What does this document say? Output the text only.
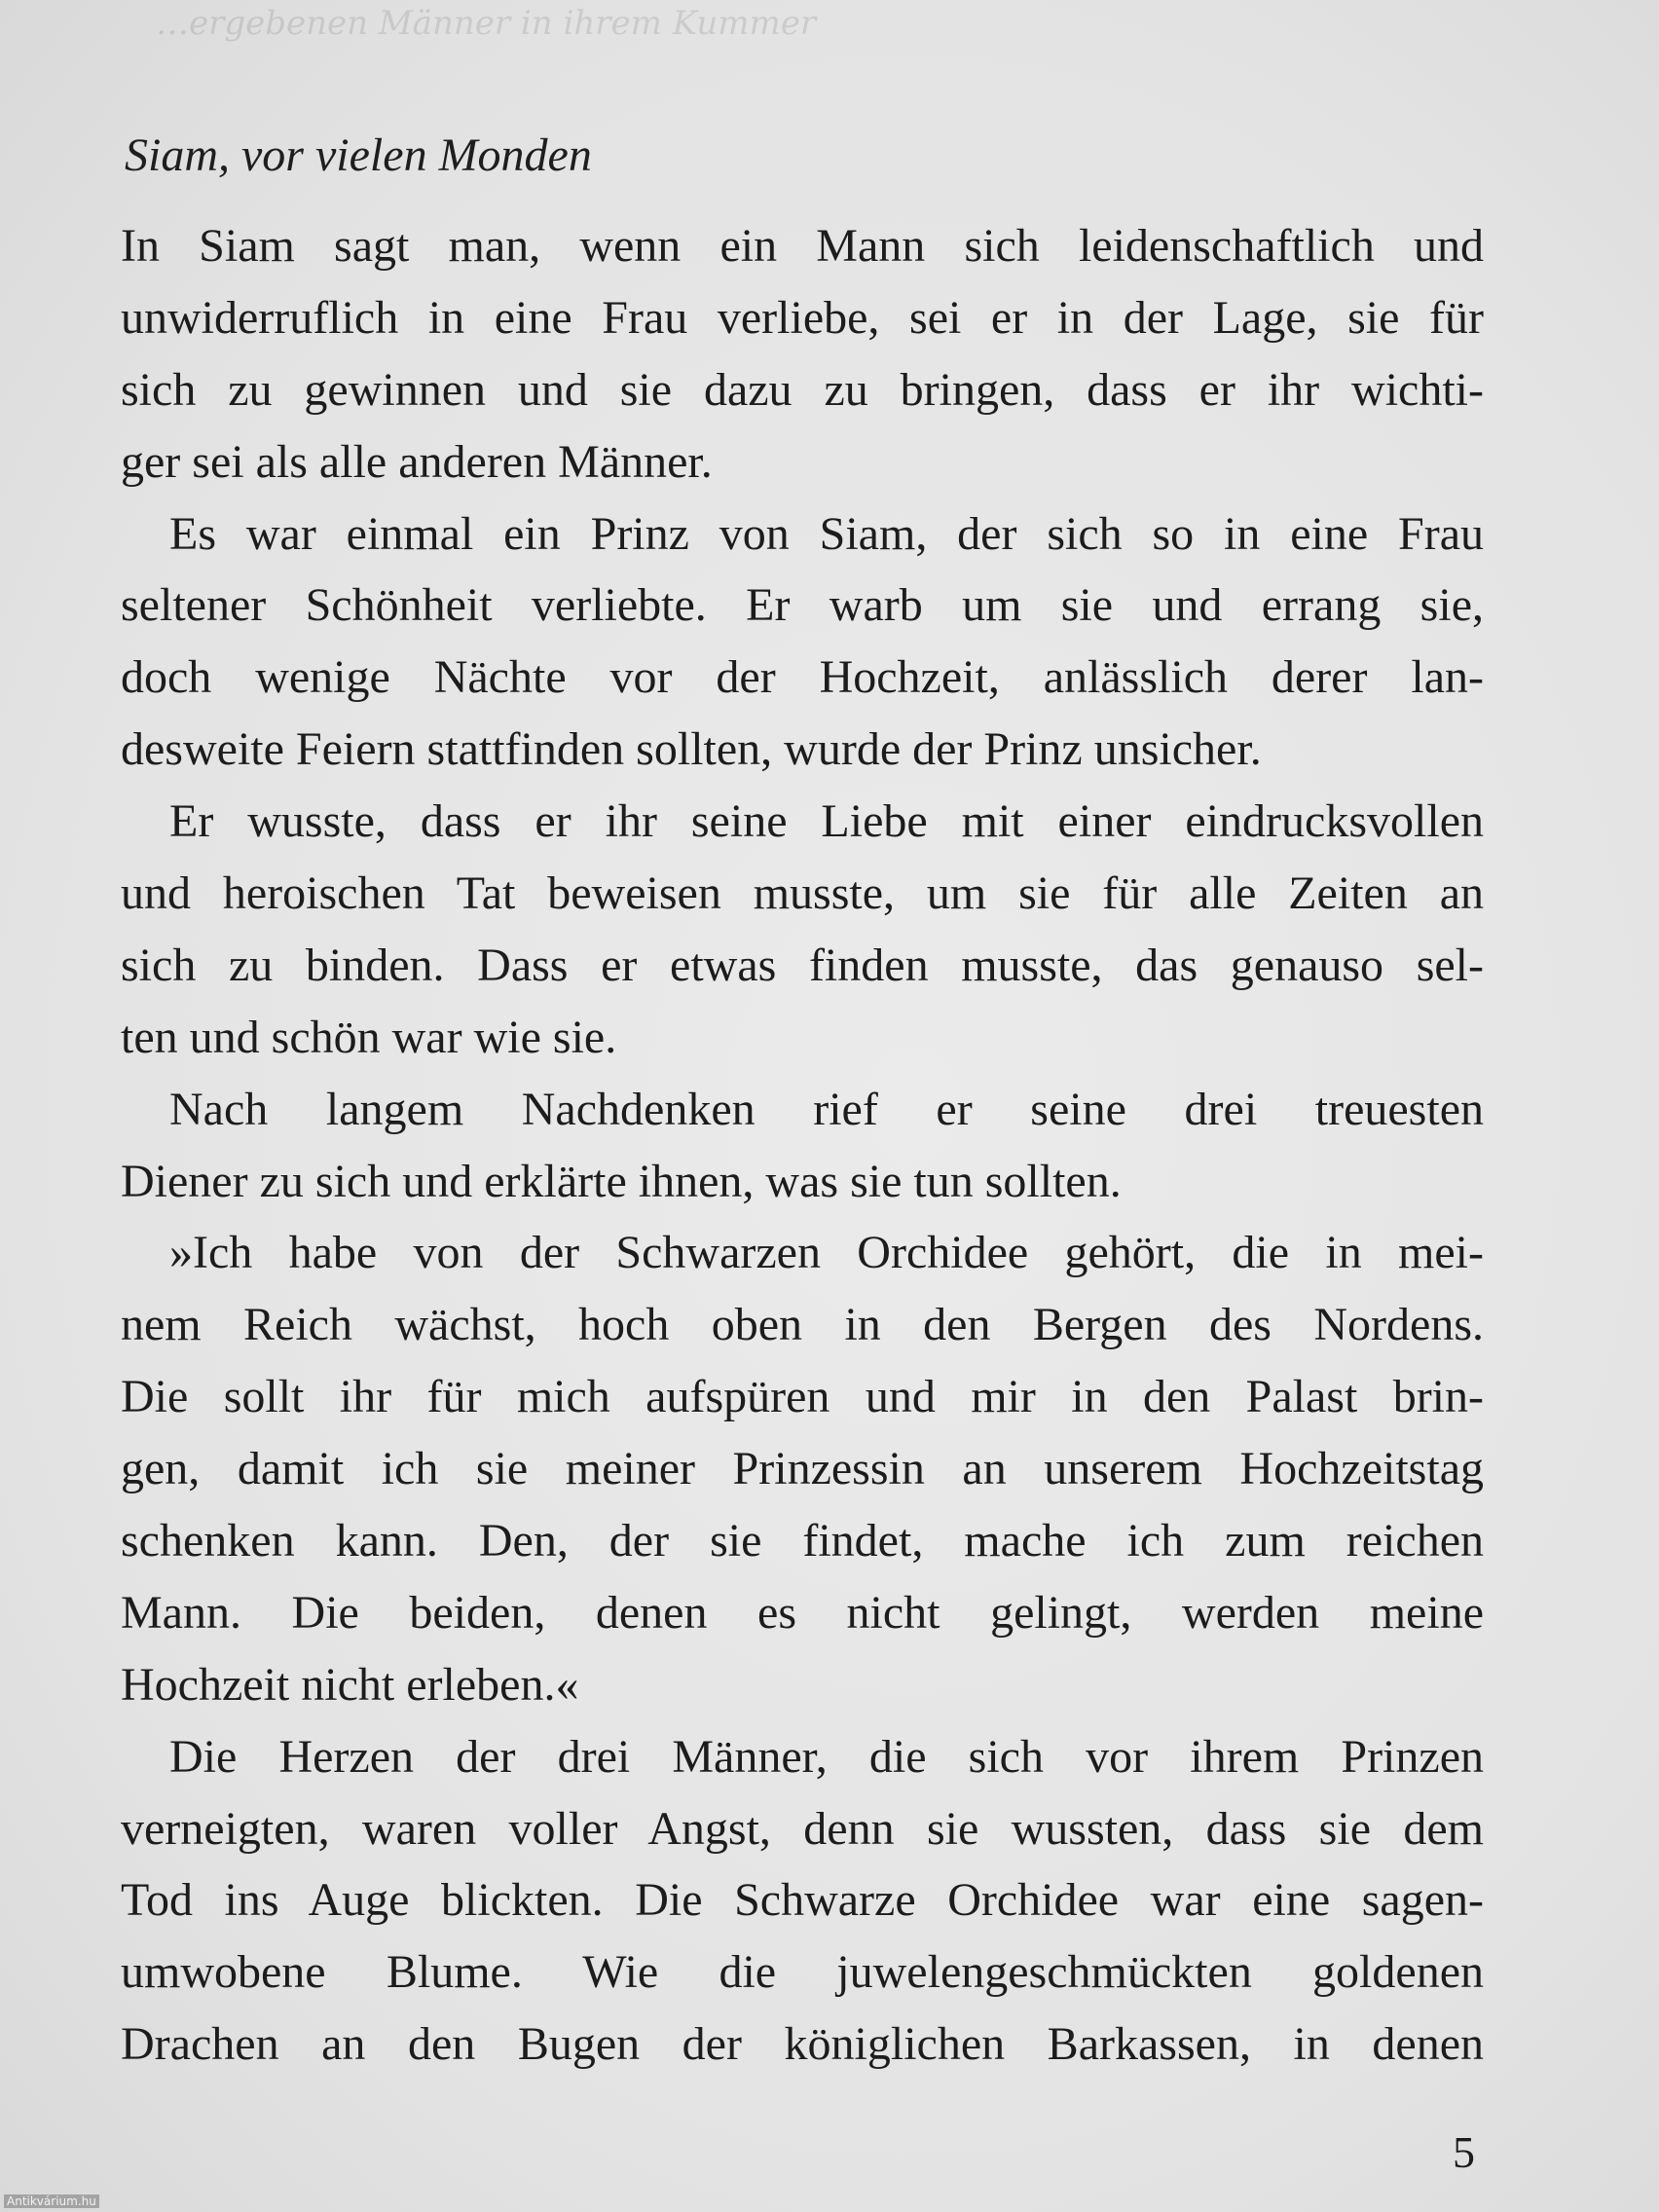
…ergebenen Männer in ihrem Kummer
Siam, vor vielen Monden
In Siam sagt man, wenn ein Mann sich leidenschaftlich und
unwiderruflich in eine Frau verliebe, sei er in der Lage, sie für
sich zu gewinnen und sie dazu zu bringen, dass er ihr wichti-
ger sei als alle anderen Männer.
Es war einmal ein Prinz von Siam, der sich so in eine Frau
seltener Schönheit verliebte. Er warb um sie und errang sie,
doch wenige Nächte vor der Hochzeit, anlässlich derer lan-
desweite Feiern stattfinden sollten, wurde der Prinz unsicher.
Er wusste, dass er ihr seine Liebe mit einer eindrucksvollen
und heroischen Tat beweisen musste, um sie für alle Zeiten an
sich zu binden. Dass er etwas finden musste, das genauso sel-
ten und schön war wie sie.
Nach langem Nachdenken rief er seine drei treuesten
Diener zu sich und erklärte ihnen, was sie tun sollten.
»Ich habe von der Schwarzen Orchidee gehört, die in mei-
nem Reich wächst, hoch oben in den Bergen des Nordens.
Die sollt ihr für mich aufspüren und mir in den Palast brin-
gen, damit ich sie meiner Prinzessin an unserem Hochzeitstag
schenken kann. Den, der sie findet, mache ich zum reichen
Mann. Die beiden, denen es nicht gelingt, werden meine
Hochzeit nicht erleben.«
Die Herzen der drei Männer, die sich vor ihrem Prinzen
verneigten, waren voller Angst, denn sie wussten, dass sie dem
Tod ins Auge blickten. Die Schwarze Orchidee war eine sagen-
umwobene Blume. Wie die juwelengeschmückten goldenen
Drachen an den Bugen der königlichen Barkassen, in denen
5
Antikvárium.hu
